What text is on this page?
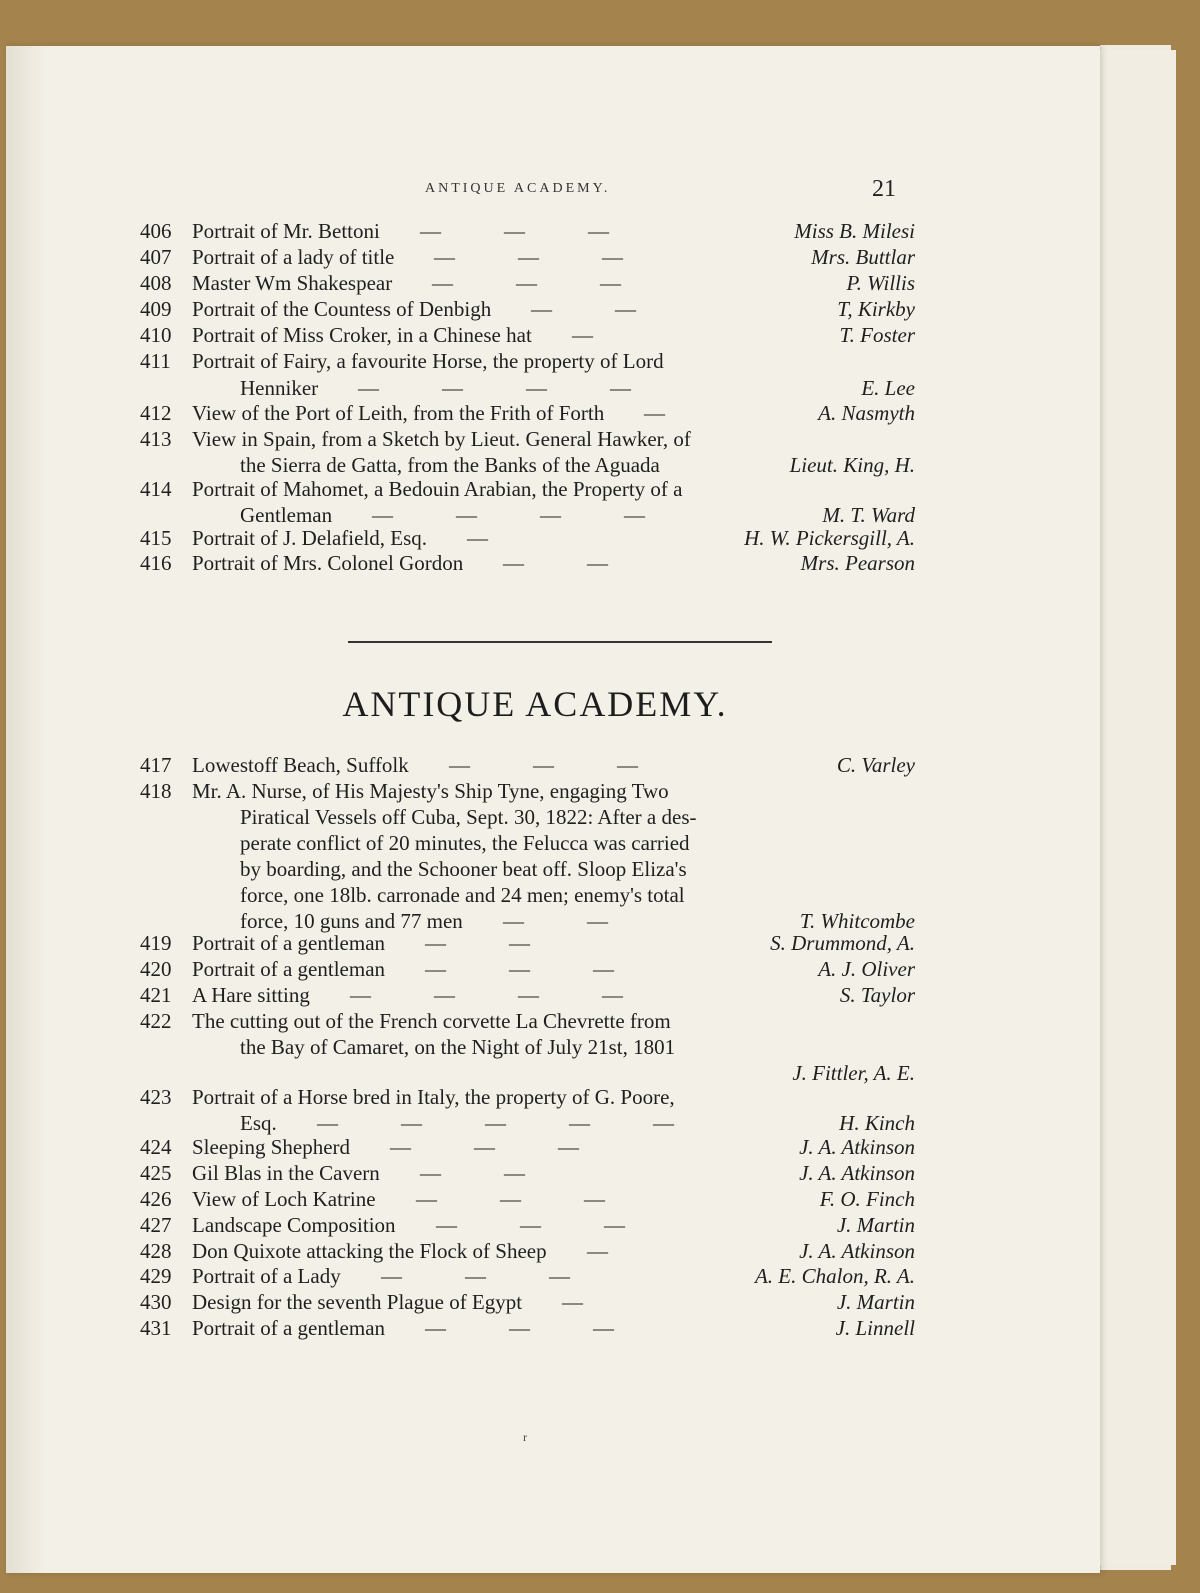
ANTIQUE ACADEMY.	21
406 Portrait of Mr. Bettoni —   —   —	Miss B. Milesi
407 Portrait of a lady of title —   —   —	Mrs. Buttlar
408 Master Wm Shakespear —   —   —	P. Willis
409 Portrait of the Countess of Denbigh —   —	T, Kirkby
410 Portrait of Miss Croker, in a Chinese hat —	T. Foster
411	Portrait of Fairy, a favourite Horse, the property of Lord
Henniker —   —   —   —	E. Lee
412 View of the Port of Leith, from the Frith of Forth —	A. Nasmyth
413 View in Spain, from a Sketch by Lieut. General Hawker, of
the Sierra de Gatta, from the Banks of the Aguada	Lieut. King, H.
414 Portrait of Mahomet, a Bedouin Arabian, the Property of a
Gentleman —   —   —   —	M. T. Ward
415 Portrait of J. Delafield, Esq. —	H. W. Pickersgill, A.
416 Portrait of Mrs. Colonel Gordon —   —	Mrs. Pearson
417 Lowestoff Beach, Suffolk —   —   —	C. Varley
418 Mr. A. Nurse, of His Majesty's Ship Tyne, engaging Two
Piratical Vessels off Cuba, Sept. 30, 1822: After a des-
perate conflict of 20 minutes, the Felucca was carried
by boarding, and the Schooner beat off. Sloop Eliza's
force, one 18lb. carronade and 24 men; enemy's total
force, 10 guns and 77 men —   —	T. Whitcombe
419 Portrait of a gentleman —   —	S. Drummond, A.
420 Portrait of a gentleman —   —   —	A. J. Oliver
421 A Hare sitting —   —   —   —	S. Taylor
422 The cutting out of the French corvette La Chevrette from
the Bay of Camaret, on the Night of July 21st, 1801
J. Fittler, A. E.
423 Portrait of a Horse bred in Italy, the property of G. Poore,
Esq. —   —   —   —   —	H. Kinch
424 Sleeping Shepherd —   —   —	J. A. Atkinson
425 Gil Blas in the Cavern —   —	J. A. Atkinson
426 View of Loch Katrine —   —   —	F. O. Finch
427 Landscape Composition —   —   —	J. Martin
428 Don Quixote attacking the Flock of Sheep —	J. A. Atkinson
429 Portrait of a Lady —   —   —	A. E. Chalon, R. A.
430 Design for the seventh Plague of Egypt —	J. Martin
431 Portrait of a gentleman —   —   —	J. Linnell
ANTIQUE ACADEMY.
r
